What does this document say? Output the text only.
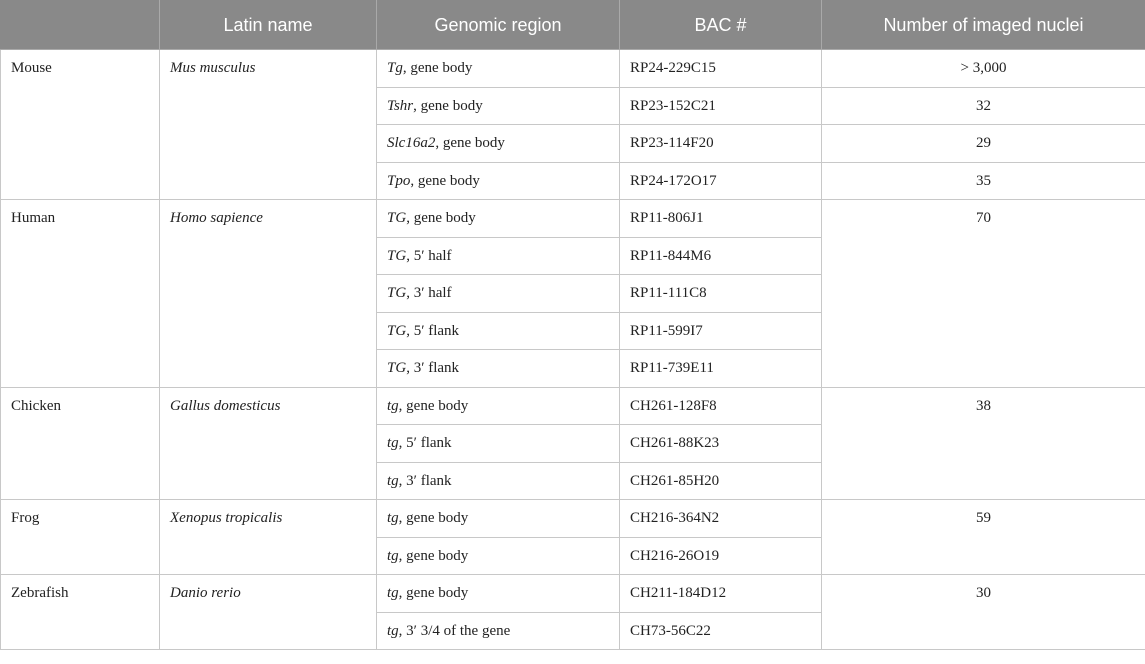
	Latin name	Genomic region	BAC #	Number of imaged nuclei
Mouse	Mus musculus	Tg, gene body	RP24-229C15	> 3,000
		Tshr, gene body	RP23-152C21	32
		Slc16a2, gene body	RP23-114F20	29
		Tpo, gene body	RP24-172O17	35
Human	Homo sapience	TG, gene body	RP11-806J1	70
		TG, 5′ half	RP11-844M6	
		TG, 3′ half	RP11-111C8	
		TG, 5′ flank	RP11-599I7	
		TG, 3′ flank	RP11-739E11	
Chicken	Gallus domesticus	tg, gene body	CH261-128F8	38
		tg, 5′ flank	CH261-88K23	
		tg, 3′ flank	CH261-85H20	
Frog	Xenopus tropicalis	tg, gene body	CH216-364N2	59
		tg, gene body	CH216-26O19	
Zebrafish	Danio rerio	tg, gene body	CH211-184D12	30
		tg, 3′ 3/4 of the gene	CH73-56C22	
